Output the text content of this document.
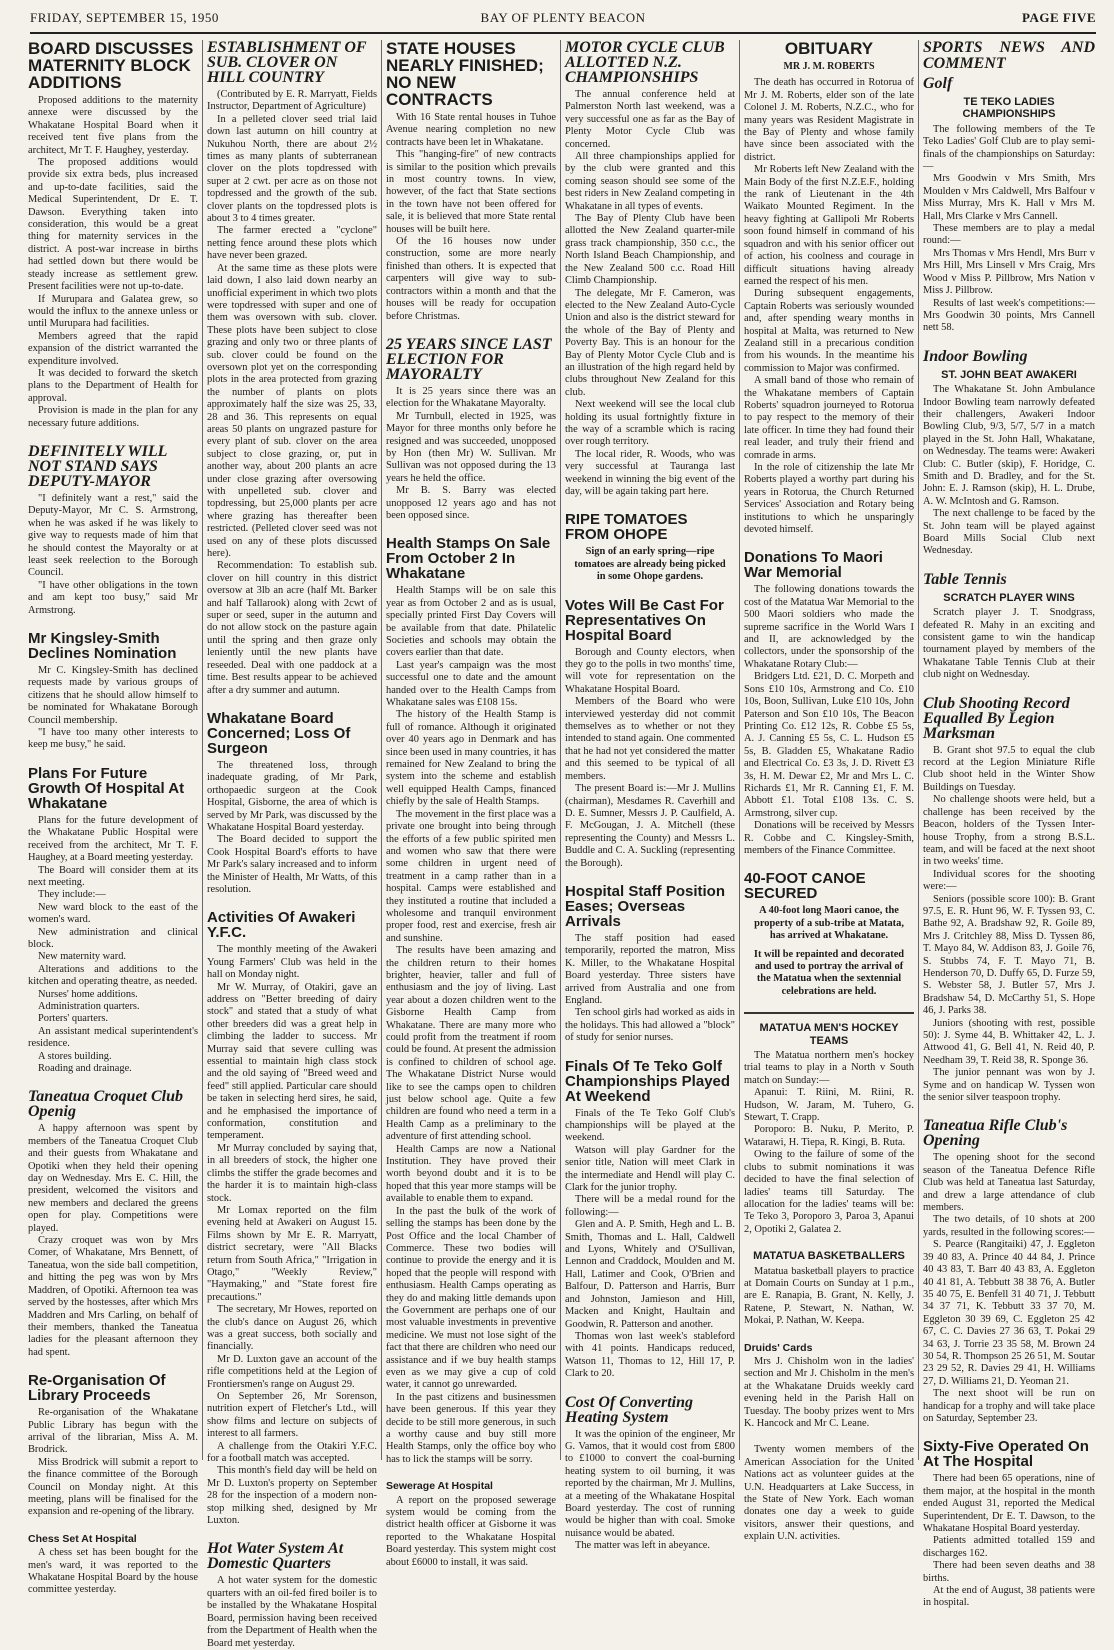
FRIDAY, SEPTEMBER 15, 1950	BAY OF PLENTY BEACON	PAGE FIVE
BOARD DISCUSSES MATERNITY BLOCK ADDITIONS

Proposed additions to the maternity annexe were discussed by the Whakatane Hospital Board when it received tent five plans from the architect, Mr T. F. Haughey, yesterday.

The proposed additions would provide six extra beds, plus increased and up-to-date facilities, said the Medical Superintendent, Dr E. T. Dawson. Everything taken into consideration, this would be a great thing for maternity services in the district. A post-war increase in births had settled down but there would be steady increase as settlement grew. Present facilities were not up-to-date.

If Murupara and Galatea grew, so would the influx to the annexe unless or until Murupara had facilities.

Members agreed that the rapid expansion of the district warranted the expenditure involved.

It was decided to forward the sketch plans to the Department of Health for approval.

Provision is made in the plan for any necessary future additions.

DEFINITELY WILL NOT STAND SAYS DEPUTY-MAYOR

"I definitely want a rest," said the Deputy-Mayor, Mr C. S. Armstrong, when he was asked if he was likely to give way to requests made of him that he should contest the Mayoralty or at least seek reelection to the Borough Council.

"I have other obligations in the town and am kept too busy," said Mr Armstrong.

Mr Kingsley-Smith Declines Nomination

Mr C. Kingsley-Smith has declined requests made by various groups of citizens that he should allow himself to be nominated for Whakatane Borough Council membership.

"I have too many other interests to keep me busy," he said.

Plans For Future Growth Of Hospital At Whakatane

Plans for the future development of the Whakatane Public Hospital were received from the architect, Mr T. F. Haughey, at a Board meeting yesterday.

The Board will consider them at its next meeting.

They include:—

New ward block to the east of the women's ward.

New administration and clinical block.

New maternity ward.

Alterations and additions to the kitchen and operating theatre, as needed.

Nurses' home additions.

Administration quarters.

Porters' quarters.

An assistant medical superintendent's residence.

A stores building.

Roading and drainage.

Taneatua Croquet Club Openig

A happy afternoon was spent by members of the Taneatua Croquet Club and their guests from Whakatane and Opotiki when they held their opening day on Wednesday. Mrs E. C. Hill, the president, welcomed the visitors and new members and declared the greens open for play. Competitions were played.

Crazy croquet was won by Mrs Comer, of Whakatane, Mrs Bennett, of Taneatua, won the side ball competition, and hitting the peg was won by Mrs Maddren, of Opotiki. Afternoon tea was served by the hostesses, after which Mrs Maddren and Mrs Carling, on behalf of their members, thanked the Taneatua ladies for the pleasant afternoon they had spent.

Re-Organisation Of Library Proceeds

Re-organisation of the Whakatane Public Library has begun with the arrival of the librarian, Miss A. M. Brodrick.

Miss Brodrick will submit a report to the finance committee of the Borough Council on Monday night. At this meeting, plans will be finalised for the expansion and re-opening of the library.

Chess Set At Hospital

A chess set has been bought for the men's ward, it was reported to the Whakatane Hospital Board by the house committee yesterday.

ESTABLISHMENT OF SUB. CLOVER ON HILL COUNTRY

(Contributed by E. R. Marryatt, Fields Instructor, Department of Agriculture)

In a pelleted clover seed trial laid down last autumn on hill country at Nukuhou North, there are about 2½ times as many plants of subterranean clover on the plots topdressed with super at 2 cwt. per acre as on those not topdressed and the growth of the sub. clover plants on the topdressed plots is about 3 to 4 times greater.

The farmer erected a "cyclone" netting fence around these plots which have never been grazed.

At the same time as these plots were laid down, I also laid down nearby an unofficial experiment in which two plots were topdressed with super and one of them was oversown with sub. clover. These plots have been subject to close grazing and only two or three plants of sub. clover could be found on the oversown plot yet on the corresponding plots in the area protected from grazing the number of plants on plots approximately half the size was 25, 33, 28 and 36. This represents on equal areas 50 plants on ungrazed pasture for every plant of sub. clover on the area subject to close grazing, or, put in another way, about 200 plants an acre under close grazing after oversowing with unpelleted sub. clover and topdressing, but 25,000 plants per acre where grazing has thereafter been restricted. (Pelleted clover seed was not used on any of these plots discussed here).

Recommendation: To establish sub. clover on hill country in this district oversow at 3lb an acre (half Mt. Barker and half Tallarook) along with 2cwt of super or seed, super in the autumn and do not allow stock on the pasture again until the spring and then graze only leniently until the new plants have reseeded. Deal with one paddock at a time. Best results appear to be achieved after a dry summer and autumn.

Whakatane Board Concerned; Loss Of Surgeon

The threatened loss, through inadequate grading, of Mr Park, orthopaedic surgeon at the Cook Hospital, Gisborne, the area of which is served by Mr Park, was discussed by the Whakatane Hospital Board yesterday.

The Board decided to support the Cook Hospital Board's efforts to have Mr Park's salary increased and to inform the Minister of Health, Mr Watts, of this resolution.

Activities Of Awakeri Y.F.C.

The monthly meeting of the Awakeri Young Farmers' Club was held in the hall on Monday night.

Mr W. Murray, of Otakiri, gave an address on "Better breeding of dairy stock" and stated that a study of what other breeders did was a great help in climbing the ladder to success. Mr Murray said that severe culling was essential to maintain high class stock and the old saying of "Breed weed and feed" still applied. Particular care should be taken in selecting herd sires, he said, and he emphasised the importance of conformation, constitution and temperament.

Mr Murray concluded by saying that, in all breeders of stock, the higher one climbs the stiffer the grade becomes and the harder it is to maintain high-class stock.

Mr Lomax reported on the film evening held at Awakeri on August 15. Films shown by Mr E. R. Marryatt, district secretary, were "All Blacks return from South Africa," "Irrigation in Otago," "Weekly Review," "Haymaking," and "State forest fire precautions."

The secretary, Mr Howes, reported on the club's dance on August 26, which was a great success, both socially and financially.

Mr D. Luxton gave an account of the rifle competitions held at the Legion of Frontiersmen's range on August 29.

On September 26, Mr Sorenson, nutrition expert of Fletcher's Ltd., will show films and lecture on subjects of interest to all farmers.

A challenge from the Otakiri Y.F.C. for a football match was accepted.

This month's field day will be held on Mr D. Luxton's property on September 28 for the inspection of a modern non-stop milking shed, designed by Mr Luxton.

Hot Water System At Domestic Quarters

A hot water system for the domestic quarters with an oil-fed fired boiler is to be installed by the Whakatane Hospital Board, permission having been received from the Department of Health when the Board met yesterday.

STATE HOUSES NEARLY FINISHED; NO NEW CONTRACTS

With 16 State rental houses in Tuhoe Avenue nearing completion no new contracts have been let in Whakatane.

This "hanging-fire" of new contracts is similar to the position which prevails in most country towns. In view, however, of the fact that State sections in the town have not been offered for sale, it is believed that more State rental houses will be built here.

Of the 16 houses now under construction, some are more nearly finished than others. It is expected that carpenters will give way to sub-contractors within a month and that the houses will be ready for occupation before Christmas.

25 YEARS SINCE LAST ELECTION FOR MAYORALTY

It is 25 years since there was an election for the Whakatane Mayoralty.

Mr Turnbull, elected in 1925, was Mayor for three months only before he resigned and was succeeded, unopposed by Hon (then Mr) W. Sullivan. Mr Sullivan was not opposed during the 13 years he held the office.

Mr B. S. Barry was elected unopposed 12 years ago and has not been opposed since.

Health Stamps On Sale From October 2 In Whakatane

Health Stamps will be on sale this year as from October 2 and as is usual, specially printed First Day Covers will be available from that date. Philatelic Societies and schools may obtain the covers earlier than that date.

Last year's campaign was the most successful one to date and the amount handed over to the Health Camps from Whakatane sales was £108 15s.

The history of the Health Stamp is full of romance. Although it originated over 40 years ago in Denmark and has since been used in many countries, it has remained for New Zealand to bring the system into the scheme and establish well equipped Health Camps, financed chiefly by the sale of Health Stamps.

The movement in the first place was a private one brought into being through the efforts of a few public spirited men and women who saw that there were some children in urgent need of treatment in a camp rather than in a hospital. Camps were established and they instituted a routine that included a wholesome and tranquil environment proper food, rest and exercise, fresh air and sunshine.

The results have been amazing and the children return to their homes brighter, heavier, taller and full of enthusiasm and the joy of living. Last year about a dozen children went to the Gisborne Health Camp from Whakatane. There are many more who could profit from the treatment if room could be found. At present the admission is confined to children of school age. The Whakatane District Nurse would like to see the camps open to children just below school age. Quite a few children are found who need a term in a Health Camp as a preliminary to the adventure of first attending school.

Health Camps are now a National Institution. They have proved their worth beyond doubt and it is to be hoped that this year more stamps will be available to enable them to expand.

In the past the bulk of the work of selling the stamps has been done by the Post Office and the local Chamber of Commerce. These two bodies will continue to provide the energy and it is hoped that the people will respond with enthusiasm. Health Camps operating as they do and making little demands upon the Government are perhaps one of our most valuable investments in preventive medicine. We must not lose sight of the fact that there are children who need our assistance and if we buy health stamps even as we may give a cup of cold water, it cannot go unrewarded.

In the past citizens and businessmen have been generous. If this year they decide to be still more generous, in such a worthy cause and buy still more Health Stamps, only the office boy who has to lick the stamps will be sorry.

Sewerage At Hospital

A report on the proposed sewerage system would be coming from the district health officer at Gisborne it was reported to the Whakatane Hospital Board yesterday. This system might cost about £6000 to install, it was said.

MOTOR CYCLE CLUB ALLOTTED N.Z. CHAMPIONSHIPS

The annual conference held at Palmerston North last weekend, was a very successful one as far as the Bay of Plenty Motor Cycle Club was concerned.

All three championships applied for by the club were granted and this coming season should see some of the best riders in New Zealand competing in Whakatane in all types of events.

The Bay of Plenty Club have been allotted the New Zealand quarter-mile grass track championship, 350 c.c., the North Island Beach Championship, and the New Zealand 500 c.c. Road Hill Climb Championship.

The delegate, Mr F. Cameron, was elected to the New Zealand Auto-Cycle Union and also is the district steward for the whole of the Bay of Plenty and Poverty Bay. This is an honour for the Bay of Plenty Motor Cycle Club and is an illustration of the high regard held by clubs throughout New Zealand for this club.

Next weekend will see the local club holding its usual fortnightly fixture in the way of a scramble which is racing over rough territory.

The local rider, R. Woods, who was very successful at Tauranga last weekend in winning the big event of the day, will be again taking part here.

RIPE TOMATOES FROM OHOPE
Sign of an early spring—ripe tomatoes are already being picked in some Ohope gardens.
Votes Will Be Cast For Representatives On Hospital Board

Borough and County electors, when they go to the polls in two months' time, will vote for representation on the Whakatane Hospital Board.

Members of the Board who were interviewed yesterday did not commit themselves as to whether or not they intended to stand again. One commented that he had not yet considered the matter and this seemed to be typical of all members.

The present Board is:—Mr J. Mullins (chairman), Mesdames R. Caverhill and D. E. Sumner, Messrs J. P. Caulfield, A. F. McGougan, J. A. Mitchell (these representing the County) and Messrs L. Buddle and C. A. Suckling (representing the Borough).

Hospital Staff Position Eases; Overseas Arrivals

The staff position had eased temporarily, reported the matron, Miss K. Miller, to the Whakatane Hospital Board yesterday. Three sisters have arrived from Australia and one from England.

Ten school girls had worked as aids in the holidays. This had allowed a "block" of study for senior nurses.

Finals Of Te Teko Golf Championships Played At Weekend

Finals of the Te Teko Golf Club's championships will be played at the weekend.

Watson will play Gardner for the senior title, Nation will meet Clark in the intermediate and Hendl will play C. Clark for the junior trophy.

There will be a medal round for the following:—

Glen and A. P. Smith, Hegh and L. B. Smith, Thomas and L. Hall, Caldwell and Lyons, Whitely and O'Sullivan, Lennon and Craddock, Moulden and M. Hall, Latimer and Cook, O'Brien and Balfour, D. Patterson and Harris, Burr and Johnston, Jamieson and Hill, Macken and Knight, Haultain and Goodwin, R. Patterson and another.

Thomas won last week's stableford with 41 points. Handicaps reduced, Watson 11, Thomas to 12, Hill 17, P. Clark to 20.

Cost Of Converting Heating System

It was the opinion of the engineer, Mr G. Vamos, that it would cost from £800 to £1000 to convert the coal-burning heating system to oil burning, it was reported by the chairman, Mr J. Mullins, at a meeting of the Whakatane Hospital Board yesterday. The cost of running would be higher than with coal. Smoke nuisance would be abated.

The matter was left in abeyance.

OBITUARY
MR J. M. ROBERTS

The death has occurred in Rotorua of Mr J. M. Roberts, elder son of the late Colonel J. M. Roberts, N.Z.C., who for many years was Resident Magistrate in the Bay of Plenty and whose family have since been associated with the district.

Mr Roberts left New Zealand with the Main Body of the first N.Z.E.F., holding the rank of Lieutenant in the 4th Waikato Mounted Regiment. In the heavy fighting at Gallipoli Mr Roberts soon found himself in command of his squadron and with his senior officer out of action, his coolness and courage in difficult situations having already earned the respect of his men.

During subsequent engagements, Captain Roberts was seriously wounded and, after spending weary months in hospital at Malta, was returned to New Zealand still in a precarious condition from his wounds. In the meantime his commission to Major was confirmed.

A small band of those who remain of the Whakatane members of Captain Roberts' squadron journeyed to Rotorua to pay respect to the memory of their late officer. In time they had found their real leader, and truly their friend and comrade in arms.

In the role of citizenship the late Mr Roberts played a worthy part during his years in Rotorua, the Church Returned Services' Association and Rotary being institutions to which he unsparingly devoted himself.

Donations To Maori War Memorial

The following donations towards the cost of the Matatua War Memorial to the 500 Maori soldiers who made the supreme sacrifice in the World Wars I and II, are acknowledged by the collectors, under the sponsorship of the Whakatane Rotary Club:—

Bridgers Ltd. £21, D. C. Morpeth and Sons £10 10s, Armstrong and Co. £10 10s, Boon, Sullivan, Luke £10 10s, John Paterson and Son £10 10s, The Beacon Printing Co. £12 12s, R. Cobbe £5 5s, A. J. Canning £5 5s, C. L. Hudson £5 5s, B. Gladden £5, Whakatane Radio and Electrical Co. £3 3s, J. D. Rivett £3 3s, H. M. Dewar £2, Mr and Mrs L. C. Richards £1, Mr R. Canning £1, F. M. Abbott £1. Total £108 13s. C. S. Armstrong, silver cup.

Donations will be received by Messrs R. Cobbe and C. Kingsley-Smith, members of the Finance Committee.

40-FOOT CANOE SECURED
A 40-foot long Maori canoe, the property of a sub-tribe at Matata, has arrived at Whakatane.
It will be repainted and decorated and used to portray the arrival of the Matatua when the sextennial celebrations are held.
MATATUA MEN'S HOCKEY TEAMS

The Matatua northern men's hockey trial teams to play in a North v South match on Sunday:—

Apanui: T. Riini, M. Riini, R. Hudson, W. Jaram, M. Tuhero, G. Stewart, T. Crapp.

Poroporo: B. Nuku, P. Merito, P. Watarawi, H. Tiepa, R. Kingi, B. Ruta.

Owing to the failure of some of the clubs to submit nominations it was decided to have the final selection of ladies' teams till Saturday. The allocation for the ladies' teams will be: Te Teko 3, Poroporo 3, Paroa 3, Apanui 2, Opotiki 2, Galatea 2.

MATATUA BASKETBALLERS

Matatua basketball players to practice at Domain Courts on Sunday at 1 p.m., are E. Ranapia, B. Grant, N. Kelly, J. Ratene, P. Stewart, N. Nathan, W. Mokai, P. Nathan, W. Keepa.

Druids' Cards

Mrs J. Chisholm won in the ladies' section and Mr J. Chisholm in the men's at the Whakatane Druids weekly card evening held in the Parish Hall on Tuesday. The booby prizes went to Mrs K. Hancock and Mr C. Leane.

Twenty women members of the American Association for the United Nations act as volunteer guides at the U.N. Headquarters at Lake Success, in the State of New York. Each woman donates one day a week to guide visitors, answer their questions, and explain U.N. activities.

SPORTS NEWS AND COMMENT
Golf
TE TEKO LADIES CHAMPIONSHIPS

The following members of the Te Teko Ladies' Golf Club are to play semi-finals of the championships on Saturday:—

Mrs Goodwin v Mrs Smith, Mrs Moulden v Mrs Caldwell, Mrs Balfour v Miss Murray, Mrs K. Hall v Mrs M. Hall, Mrs Clarke v Mrs Cannell.

These members are to play a medal round:—

Mrs Thomas v Mrs Hendl, Mrs Burr v Mrs Hill, Mrs Linsell v Mrs Craig, Mrs Wood v Miss P. Pillbrow, Mrs Nation v Miss J. Pillbrow.

Results of last week's competitions:—Mrs Goodwin 30 points, Mrs Cannell nett 58.

Indoor Bowling
ST. JOHN BEAT AWAKERI

The Whakatane St. John Ambulance Indoor Bowling team narrowly defeated their challengers, Awakeri Indoor Bowling Club, 9/3, 5/7, 5/7 in a match played in the St. John Hall, Whakatane, on Wednesday. The teams were: Awakeri Club: C. Butler (skip), F. Horidge, C. Smith and D. Bradley, and for the St. John: E. J. Ramson (skip), H. L. Drube, A. W. McIntosh and G. Ramson.

The next challenge to be faced by the St. John team will be played against Board Mills Social Club next Wednesday.

Table Tennis
SCRATCH PLAYER WINS

Scratch player J. T. Snodgrass, defeated R. Mahy in an exciting and consistent game to win the handicap tournament played by members of the Whakatane Table Tennis Club at their club night on Wednesday.

Club Shooting Record Equalled By Legion Marksman

B. Grant shot 97.5 to equal the club record at the Legion Miniature Rifle Club shoot held in the Winter Show Buildings on Tuesday.

No challenge shoots were held, but a challenge has been received by the Beacon, holders of the Tyssen Inter-house Trophy, from a strong B.S.L. team, and will be faced at the next shoot in two weeks' time.

Individual scores for the shooting were:—

Seniors (possible score 100): B. Grant 97.5, E. R. Hunt 96, W. F. Tyssen 93, C. Bathe 92, A. Bradshaw 92, R. Goile 89, Mrs J. Critchley 88, Miss D. Tyssen 86, T. Mayo 84, W. Addison 83, J. Goile 76, S. Stubbs 74, F. T. Mayo 71, B. Henderson 70, D. Duffy 65, D. Furze 59, S. Webster 58, J. Butler 57, Mrs J. Bradshaw 54, D. McCarthy 51, S. Hope 46, J. Parks 38.

Juniors (shooting with rest, possible 50): J. Syme 44, B. Whittaker 42, L. J. Attwood 41, G. Bell 41, N. Reid 40, P. Needham 39, T. Reid 38, R. Sponge 36.

The junior pennant was won by J. Syme and on handicap W. Tyssen won the senior silver teaspoon trophy.

Taneatua Rifle Club's Opening

The opening shoot for the second season of the Taneatua Defence Rifle Club was held at Taneatua last Saturday, and drew a large attendance of club members.

The two details, of 10 shots at 200 yards, resulted in the following scores:—

S. Pearce (Rangitaiki) 47, J. Eggleton 39 40 83, A. Prince 40 44 84, J. Prince 40 43 83, T. Barr 40 43 83, A. Eggleton 40 41 81, A. Tebbutt 38 38 76, A. Butler 35 40 75, E. Benfell 31 40 71, J. Tebbutt 34 37 71, K. Tebbutt 33 37 70, M. Eggleton 30 39 69, C. Eggleton 25 42 67, C. C. Davies 27 36 63, T. Pokai 29 34 63, J. Torrie 23 35 58, M. Brown 24 30 54, R. Thompson 25 26 51, M. Soutar 23 29 52, R. Davies 29 41, H. Williams 27, D. Williams 21, D. Yeoman 21.

The next shoot will be run on handicap for a trophy and will take place on Saturday, September 23.

Sixty-Five Operated On At The Hospital

There had been 65 operations, nine of them major, at the hospital in the month ended August 31, reported the Medical Superintendent, Dr E. T. Dawson, to the Whakatane Hospital Board yesterday.

Patients admitted totalled 159 and discharges 162.

There had been seven deaths and 38 births.

At the end of August, 38 patients were in hospital.
